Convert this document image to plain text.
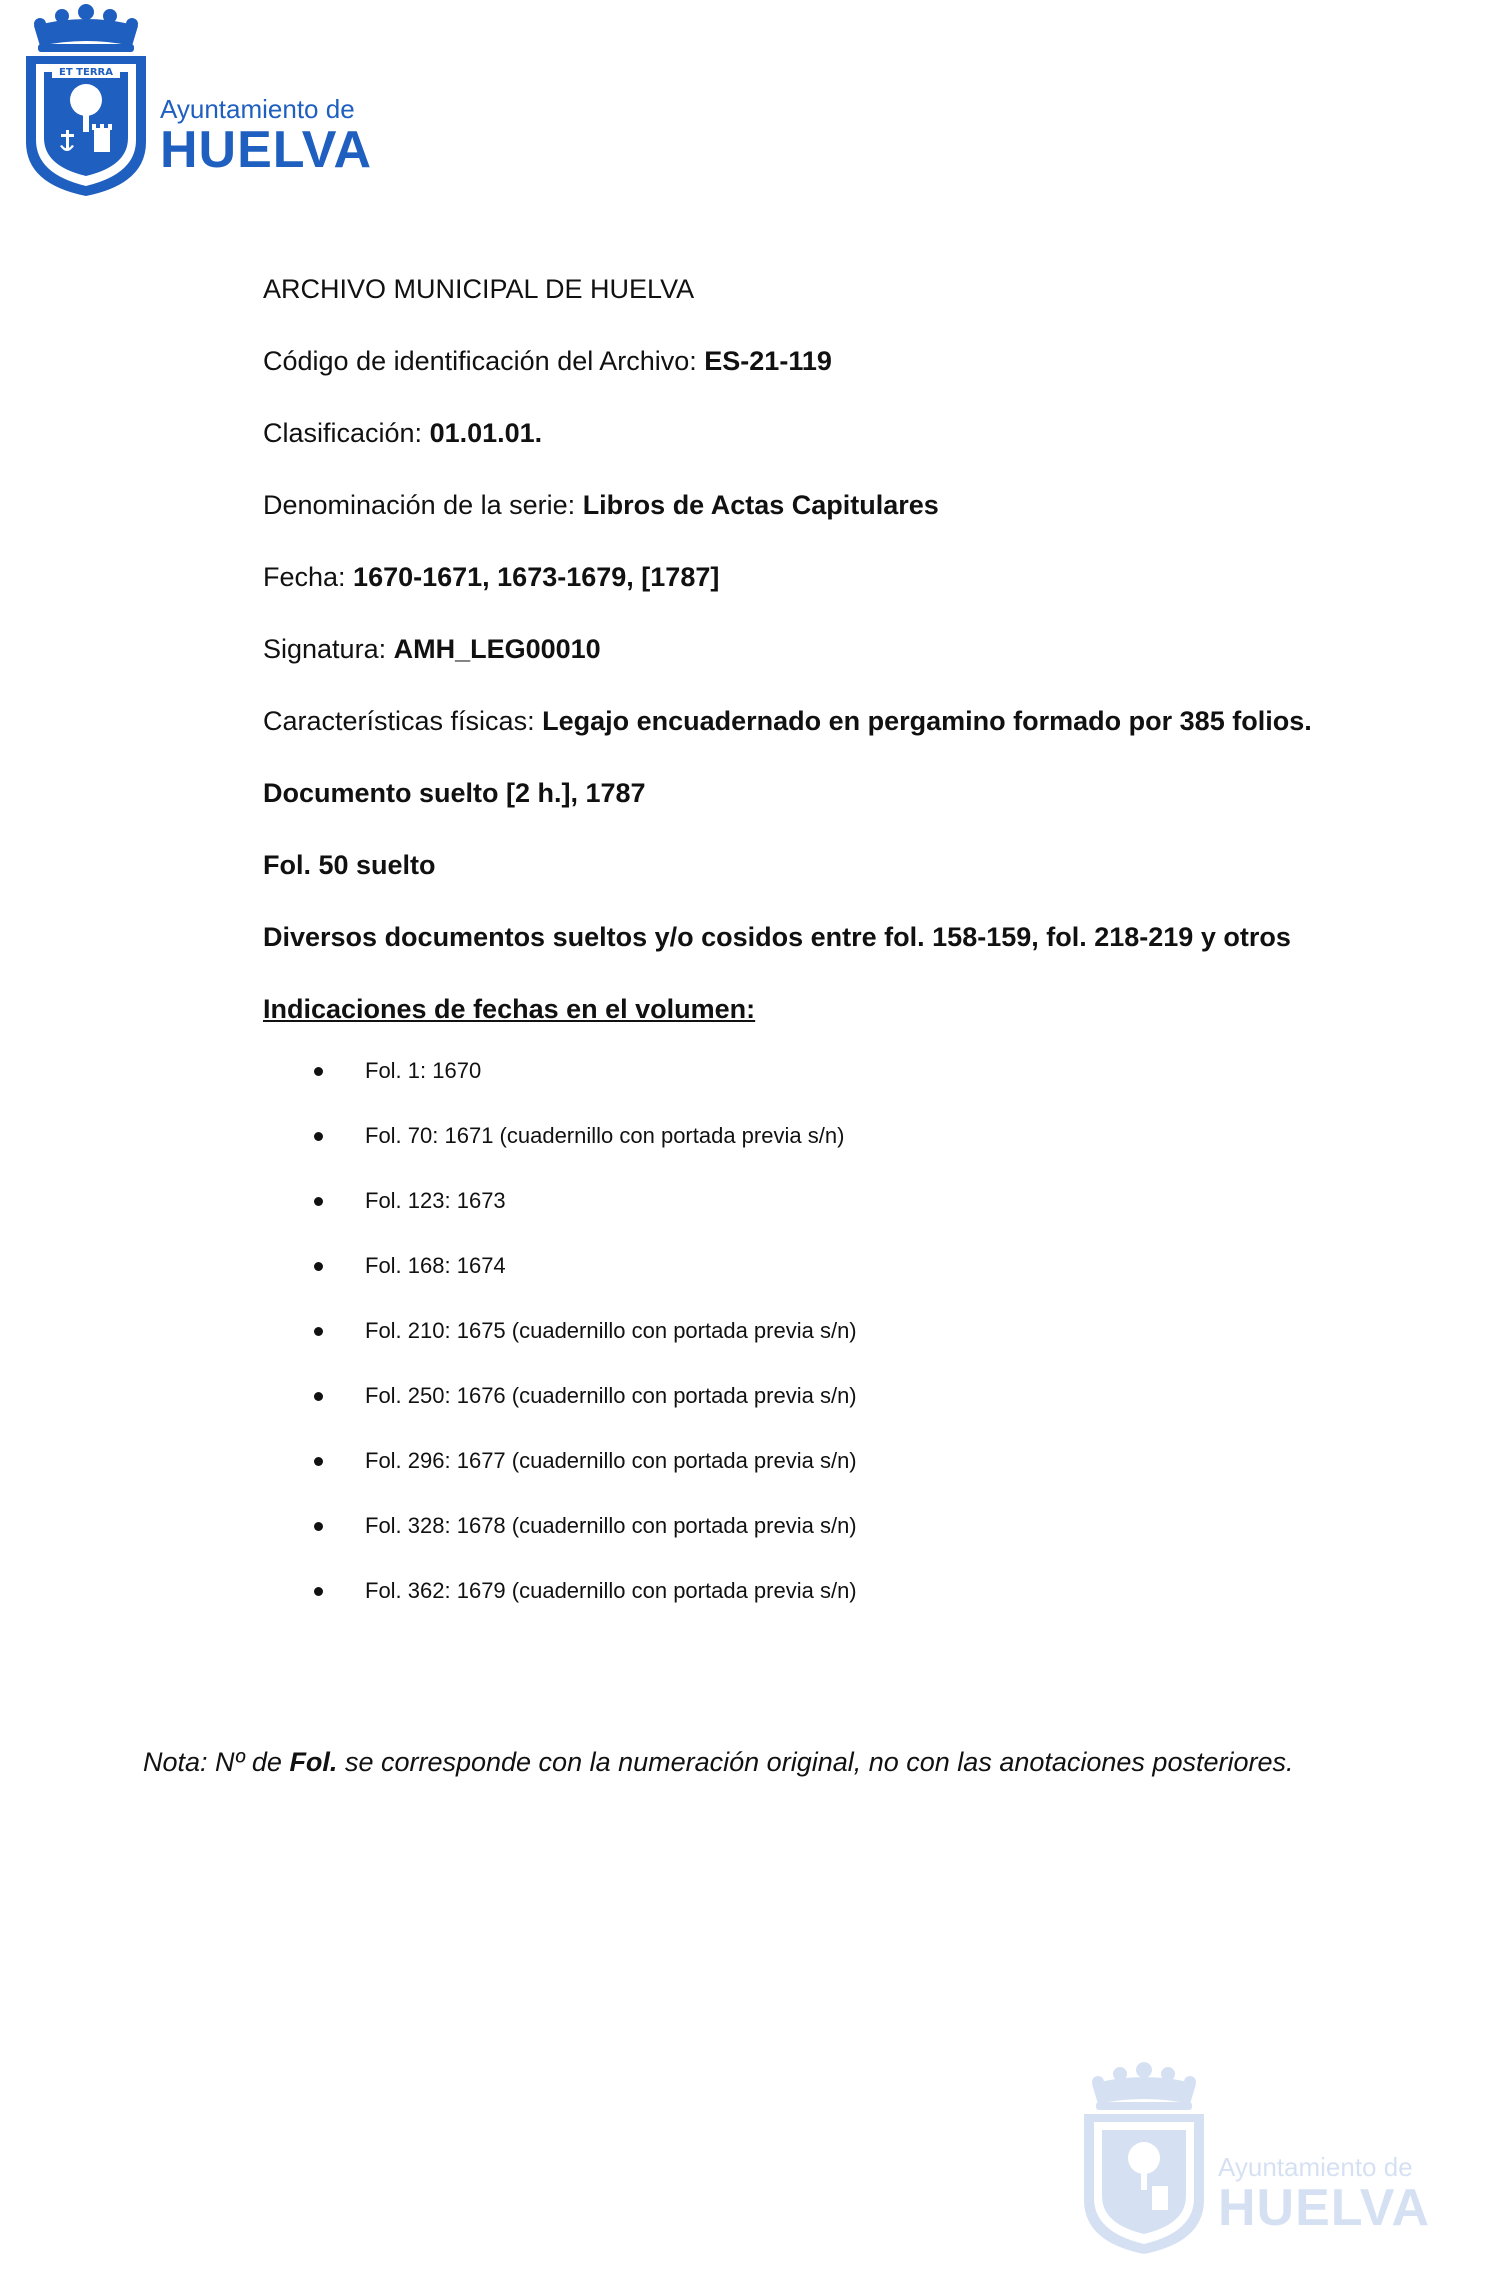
ET TERRA
PORTUS MARIS	CUSTODIA Ayuntamiento de
HUELVA

ARCHIVO MUNICIPAL DE HUELVA

Código de identificación del Archivo: ES-21-119

Clasificación: 01.01.01.

Denominación de la serie: Libros de Actas Capitulares

Fecha: 1670-1671, 1673-1679, [1787]

Signatura: AMH_LEG00010

Características físicas: Legajo encuadernado en pergamino formado por 385 folios.

Documento suelto [2 h.], 1787

Fol. 50 suelto

Diversos documentos sueltos y/o cosidos entre fol. 158-159, fol. 218-219 y otros

Indicaciones de fechas en el volumen:

Fol. 1: 1670
Fol. 70: 1671 (cuadernillo con portada previa s/n)
Fol. 123: 1673
Fol. 168: 1674
Fol. 210: 1675 (cuadernillo con portada previa s/n)
Fol. 250: 1676 (cuadernillo con portada previa s/n)
Fol. 296: 1677 (cuadernillo con portada previa s/n)
Fol. 328: 1678 (cuadernillo con portada previa s/n)
Fol. 362: 1679 (cuadernillo con portada previa s/n)

Nota: Nº de Fol. se corresponde con la numeración original, no con las anotaciones posteriores.

Ayuntamiento de
HUELVA
